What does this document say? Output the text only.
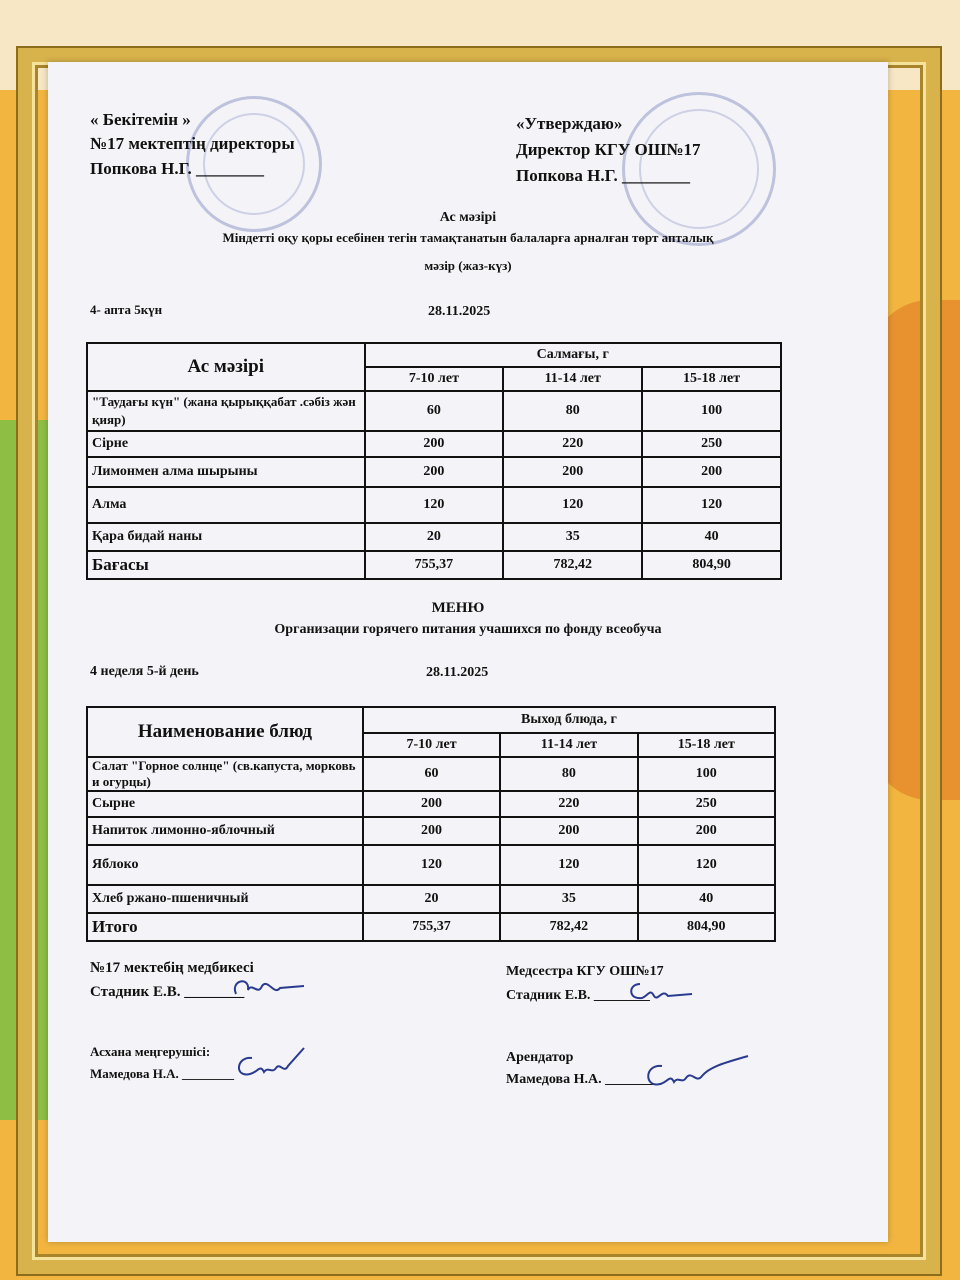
« Бекітемін »
№17 мектептің директоры
Попкова Н.Г. ________
«Утверждаю»
Директор КГУ ОШ№17
Попкова Н.Г. ________
Ас мәзірі
Міндетті оқу қоры есебінен тегін тамақтанатын балаларға арналған төрт апталық
мәзір (жаз-күз)
4- апта 5күн	28.11.2025
Ас мәзірі	Салмағы, г		
	7-10 лет	11-14 лет	15-18 лет
"Таудағы күн" (жана қырыққабат .сәбіз жән қияр)	60	80	100
Сірне	200	220	250
Лимонмен алма шырыны	200	200	200
Алма	120	120	120
Қара бидай наны	20	35	40
Бағасы	755,37	782,42	804,90
МЕНЮ
Организации горячего питания учашихся по фонду всеобуча
4 неделя 5-й день	28.11.2025
Наименование блюд	Выход блюда, г		
	7-10 лет	11-14 лет	15-18 лет
Салат "Горное солнце" (св.капуста, морковь и огурцы)	60	80	100
Сырне	200	220	250
Напиток лимонно-яблочный	200	200	200
Яблоко	120	120	120
Хлеб ржано-пшеничный	20	35	40
Итого	755,37	782,42	804,90
№17 мектебің медбикесі
Стадник Е.В. ________
Асхана меңгерушісі:
Мамедова Н.А. ________
Медсестра КГУ ОШ№17
Стадник Е.В. ________
Арендатор
Мамедова Н.А. ________
